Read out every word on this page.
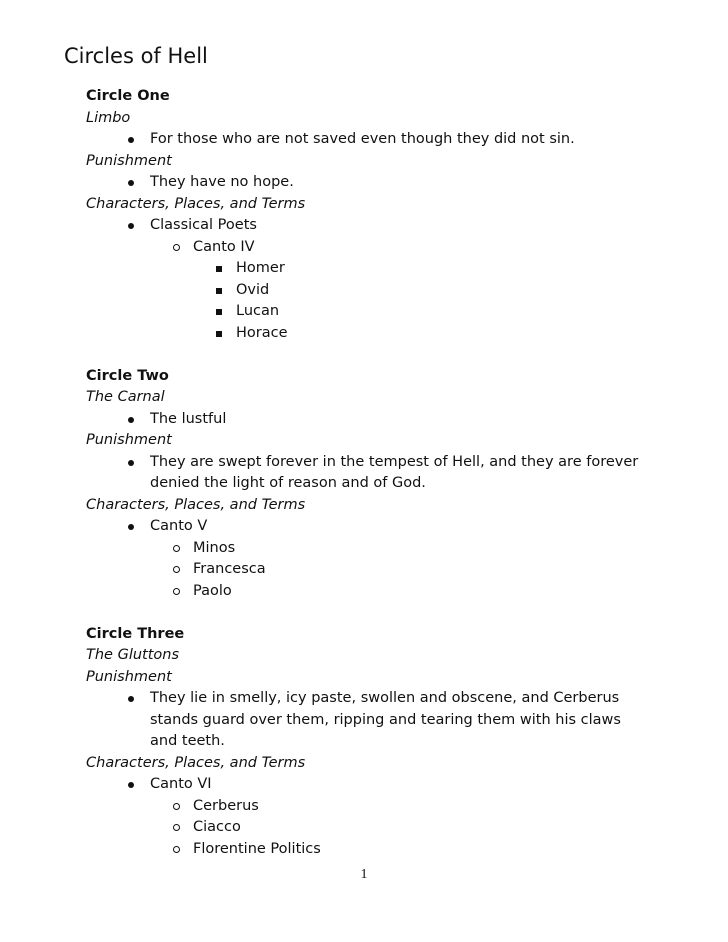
Circles of Hell
Circle One
Limbo
For those who are not saved even though they did not sin.
Punishment
They have no hope.
Characters, Places, and Terms
Classical Poets
Canto IV
Homer
Ovid
Lucan
Horace
Circle Two
The Carnal
The lustful
Punishment
They are swept forever in the tempest of Hell, and they are forever denied the light of reason and of God.
Characters, Places, and Terms
Canto V
Minos
Francesca
Paolo
Circle Three
The Gluttons
Punishment
They lie in smelly, icy paste, swollen and obscene, and Cerberus stands guard over them, ripping and tearing them with his claws and teeth.
Characters, Places, and Terms
Canto VI
Cerberus
Ciacco
Florentine Politics
1
